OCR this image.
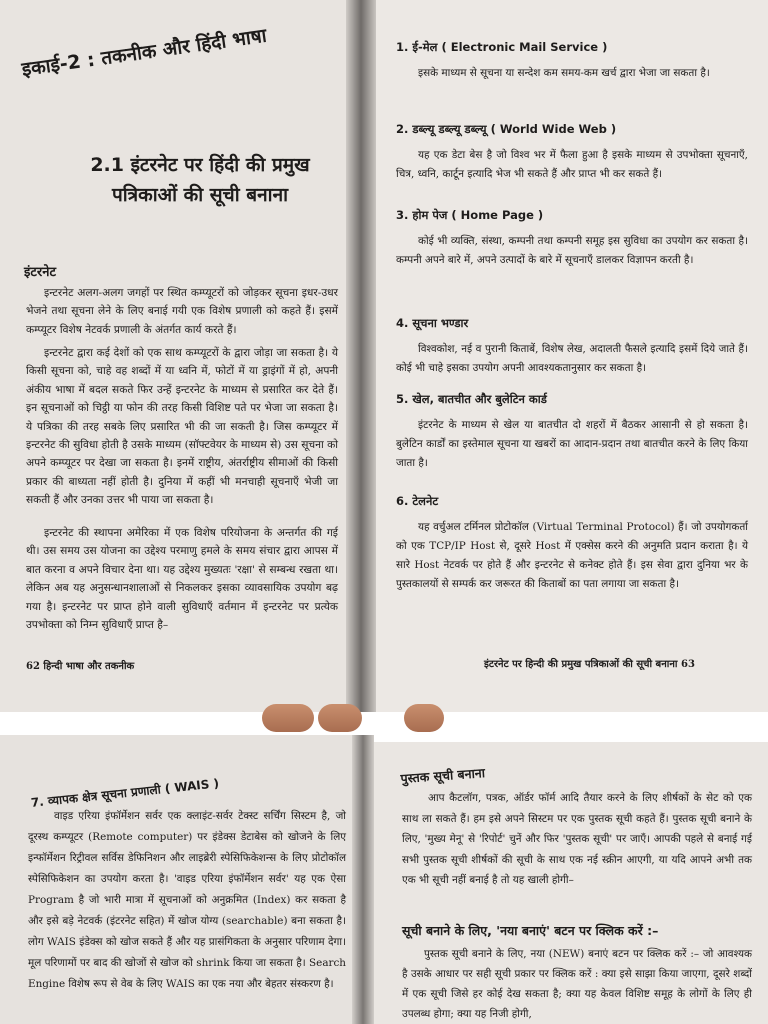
इकाई-2 : तकनीक और हिंदी भाषा
2.1 इंटरनेट पर हिंदी की प्रमुख पत्रिकाओं की सूची बनाना
इंटरनेट

इन्टरनेट अलग-अलग जगहों पर स्थित कम्प्यूटरों को जोड़कर सूचना इधर-उधर भेजने तथा सूचना लेने के लिए बनाई गयी एक विशेष प्रणाली को कहते हैं। इसमें कम्प्यूटर विशेष नेटवर्क प्रणाली के अंतर्गत कार्य करते हैं।

इन्टरनेट द्वारा कई देशों को एक साथ कम्प्यूटरों के द्वारा जोड़ा जा सकता है। ये किसी सूचना को, चाहे वह शब्दों में या ध्वनि में, फोटों में या ड्राइंगों में हो, अपनी अंकीय भाषा में बदल सकते फिर उन्हें इन्टरनेट के माध्यम से प्रसारित कर देते हैं। इन सूचनाओं को चिट्ठी या फोन की तरह किसी विशिष्ट पते पर भेजा जा सकता है। ये पत्रिका की तरह सबके लिए प्रसारित भी की जा सकती है। जिस कम्प्यूटर में इन्टरनेट की सुविधा होती है उसके माध्यम (सॉफ्टवेयर के माध्यम से) उस सूचना को अपने कम्प्यूटर पर देखा जा सकता है। इनमें राष्ट्रीय, अंतर्राष्ट्रीय सीमाओं की किसी प्रकार की बाध्यता नहीं होती है। दुनिया में कहीं भी मनचाही सूचनाएँ भेजी जा सकती हैं और उनका उत्तर भी पाया जा सकता है।

इन्टरनेट की स्थापना अमेरिका में एक विशेष परियोजना के अन्तर्गत की गई थी। उस समय उस योजना का उद्देश्य परमाणु हमले के समय संचार द्वारा आपस में बात करना व अपने विचार देना था। यह उद्देश्य मुख्यतः 'रक्षा' से सम्बन्ध रखता था। लेकिन अब यह अनुसन्धानशालाओं से निकलकर इसका व्यावसायिक उपयोग बढ़ गया है। इन्टरनेट पर प्राप्त होने वाली सुविधाएँ वर्तमान में इन्टरनेट पर प्रत्येक उपभोक्ता को निम्न सुविधाएँ प्राप्त है–

62 हिन्दी भाषा और तकनीक

1. ई-मेल ( Electronic Mail Service )

इसके माध्यम से सूचना या सन्देश कम समय-कम खर्च द्वारा भेजा जा सकता है।

2. डब्ल्यू डब्ल्यू डब्ल्यू ( World Wide Web )

यह एक डेटा बेस है जो विश्व भर में फैला हुआ है इसके माध्यम से उपभोक्ता सूचनाएँ, चित्र, ध्वनि, कार्टून इत्यादि भेज भी सकते हैं और प्राप्त भी कर सकते हैं।

3. होम पेज ( Home Page )

कोई भी व्यक्ति, संस्था, कम्पनी तथा कम्पनी समूह इस सुविधा का उपयोग कर सकता है। कम्पनी अपने बारे में, अपने उत्पादों के बारे में सूचनाएँ डालकर विज्ञापन करती है।

4. सूचना भण्डार

विश्वकोश, नई व पुरानी किताबें, विशेष लेख, अदालती फैसले इत्यादि इसमें दिये जाते हैं। कोई भी चाहे इसका उपयोग अपनी आवश्यकतानुसार कर सकता है।

5. खेल, बातचीत और बुलेटिन कार्ड

इंटरनेट के माध्यम से खेल या बातचीत दो शहरों में बैठकर आसानी से हो सकता है। बुलेटिन कार्डों का इस्तेमाल सूचना या खबरों का आदान-प्रदान तथा बातचीत करने के लिए किया जाता है।

6. टेलनेट

यह वर्चुअल टर्मिनल प्रोटोकॉल (Virtual Terminal Protocol) हैं। जो उपयोगकर्ता को एक TCP/IP Host से, दूसरे Host में एक्सेस करने की अनुमति प्रदान कराता है। ये सारे Host नेटवर्क पर होते हैं और इन्टरनेट से कनेक्ट होते हैं। इस सेवा द्वारा दुनिया भर के पुस्तकालयों से सम्पर्क कर जरूरत की किताबों का पता लगाया जा सकता है।

इंटरनेट पर हिन्दी की प्रमुख पत्रिकाओं की सूची बनाना 63

7. व्यापक क्षेत्र सूचना प्रणाली ( WAIS )

वाइड एरिया इंफॉर्मेशन सर्वर एक क्लाइंट-सर्वर टेक्स्ट सर्चिंग सिस्टम है, जो दूरस्थ कम्प्यूटर (Remote computer) पर इंडेक्स डेटाबेस को खोजने के लिए इन्फॉर्मेशन रिट्रीवल सर्विस डेफिनिशन और लाइब्रेरी स्पेसिफिकेशन्स के लिए प्रोटोकॉल स्पेसिफिकेशन का उपयोग करता है। 'वाइड एरिया इंफॉर्मेशन सर्वर' यह एक ऐसा Program है जो भारी मात्रा में सूचनाओं को अनुक्रमित (Index) कर सकता है और इसे बड़े नेटवर्क (इंटरनेट सहित) में खोज योग्य (searchable) बना सकता है। लोग WAIS इंडेक्स को खोज सकते हैं और यह प्रासंगिकता के अनुसार परिणाम देगा। मूल परिणामों पर बाद की खोजों से खोज को shrink किया जा सकता है। Search Engine विशेष रूप से वेब के लिए WAIS का एक नया और बेहतर संस्करण है।

पुस्तक सूची बनाना

आप कैटलॉग, पत्रक, ऑर्डर फॉर्म आदि तैयार करने के लिए शीर्षकों के सेट को एक साथ ला सकते हैं। हम इसे अपने सिस्टम पर एक पुस्तक सूची कहते हैं। पुस्तक सूची बनाने के लिए, 'मुख्य मेनू' से 'रिपोर्ट' चुनें और फिर 'पुस्तक सूची' पर जाएँ। आपकी पहले से बनाई गई सभी पुस्तक सूची शीर्षकों की सूची के साथ एक नई स्क्रीन आएगी, या यदि आपने अभी तक एक भी सूची नहीं बनाई है तो यह खाली होगी–

सूची बनाने के लिए, 'नया बनाएं' बटन पर क्लिक करें :–

पुस्तक सूची बनाने के लिए, नया (NEW) बनाएं बटन पर क्लिक करें :– जो आवश्यक है उसके आधार पर सही सूची प्रकार पर क्लिक करें : क्या इसे साझा किया जाएगा, दूसरे शब्दों में एक सूची जिसे हर कोई देख सकता है; क्या यह केवल विशिष्ट समूह के लोगों के लिए ही उपलब्ध होगा; क्या यह निजी होगी,
